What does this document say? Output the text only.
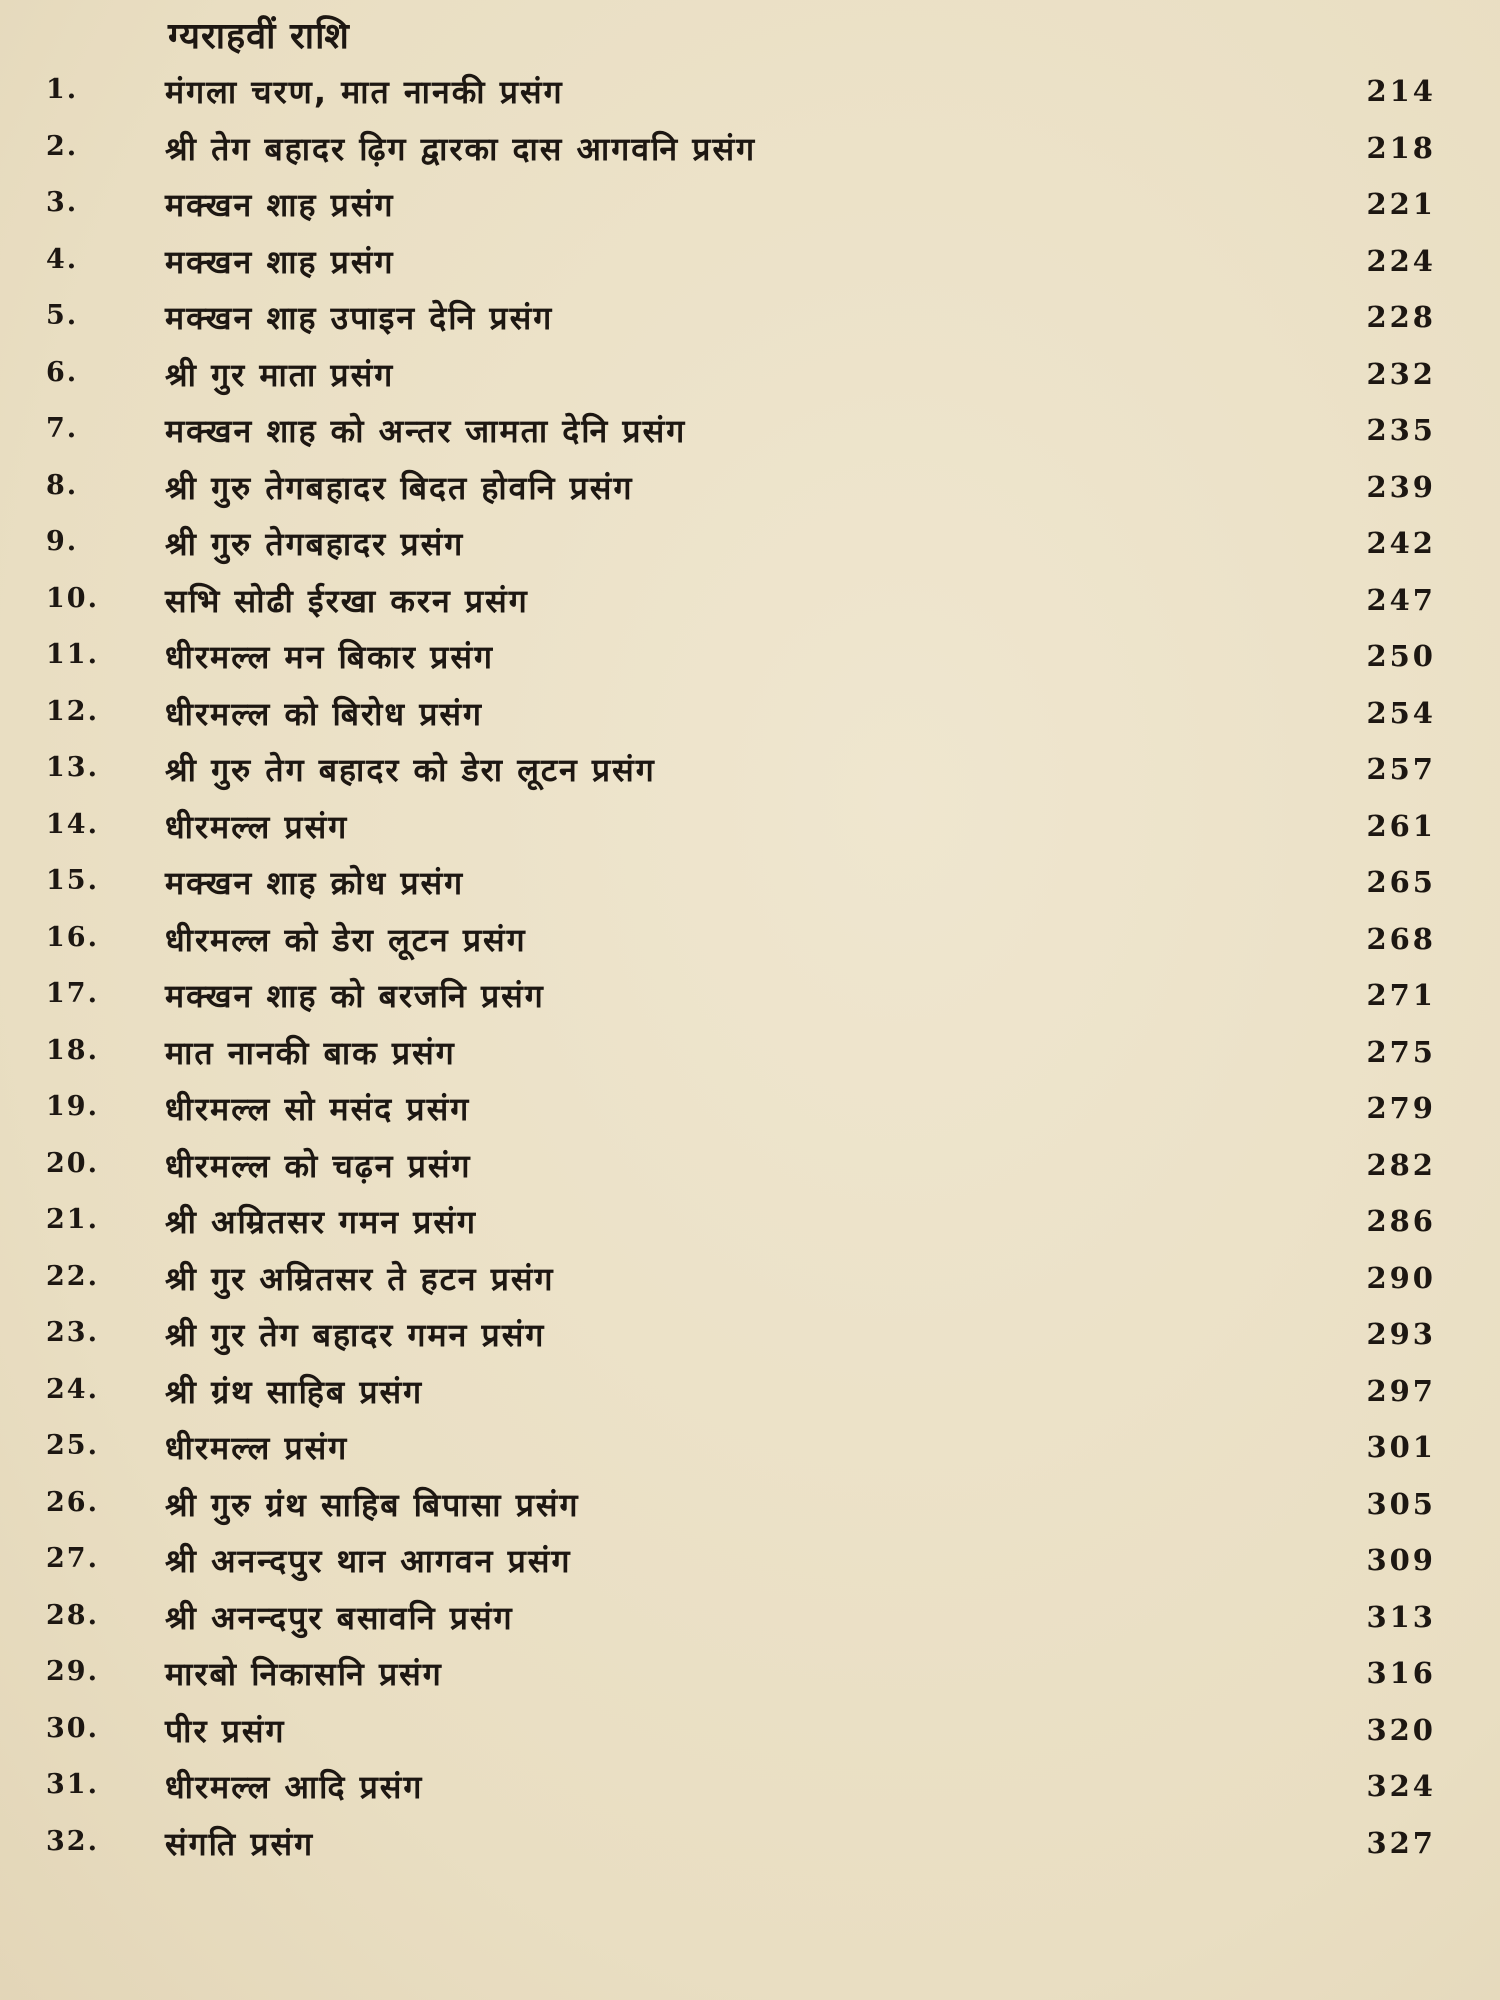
ग्यराहवीं राशि
1.	मंगला चरण, मात नानकी प्रसंग	214
2.	श्री तेग बहादर ढ़िग द्वारका दास आगवनि प्रसंग	218
3.	मक्खन शाह प्रसंग	221
4.	मक्खन शाह प्रसंग	224
5.	मक्खन शाह उपाइन देनि प्रसंग	228
6.	श्री गुर माता प्रसंग	232
7.	मक्खन शाह को अन्तर जामता देनि प्रसंग	235
8.	श्री गुरु तेगबहादर बिदत होवनि प्रसंग	239
9.	श्री गुरु तेगबहादर प्रसंग	242
10. सभि सोढी ईरखा करन प्रसंग	247
11. धीरमल्ल मन बिकार प्रसंग	250
12. धीरमल्ल को बिरोध प्रसंग	254
13. श्री गुरु तेग बहादर को डेरा लूटन प्रसंग	257
14. धीरमल्ल प्रसंग	261
15. मक्खन शाह क्रोध प्रसंग	265
16. धीरमल्ल को डेरा लूटन प्रसंग	268
17. मक्खन शाह को बरजनि प्रसंग	271
18. मात नानकी बाक प्रसंग	275
19. धीरमल्ल सो मसंद प्रसंग	279
20. धीरमल्ल को चढ़न प्रसंग	282
21. श्री अम्रितसर गमन प्रसंग	286
22. श्री गुर अम्रितसर ते हटन प्रसंग	290
23. श्री गुर तेग बहादर गमन प्रसंग	293
24. श्री ग्रंथ साहिब प्रसंग	297
25. धीरमल्ल प्रसंग	301
26. श्री गुरु ग्रंथ साहिब बिपासा प्रसंग	305
27. श्री अनन्दपुर थान आगवन प्रसंग	309
28. श्री अनन्दपुर बसावनि प्रसंग	313
29. मारबो निकासनि प्रसंग	316
30. पीर प्रसंग	320
31. धीरमल्ल आदि प्रसंग	324
32. संगति प्रसंग	327
